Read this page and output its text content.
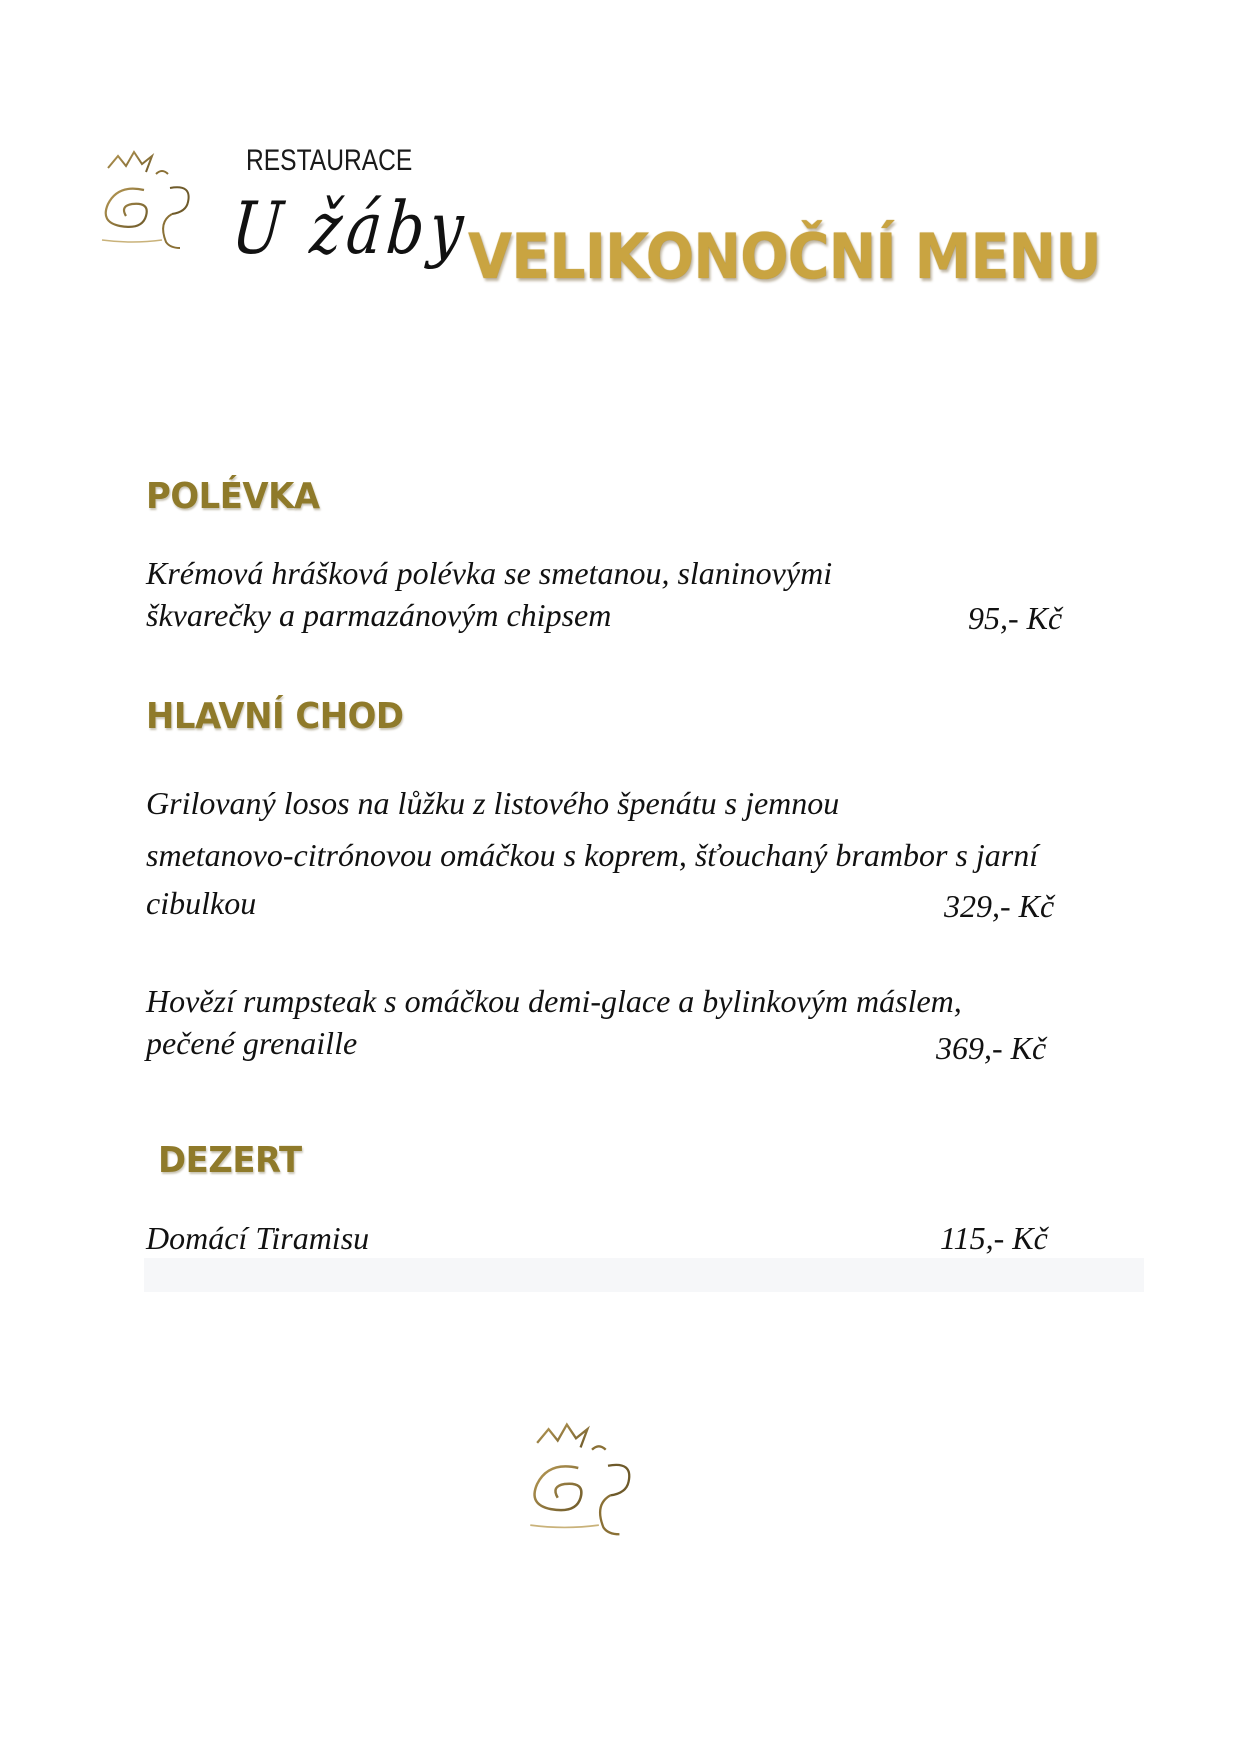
RESTAURACE
U žáby
VELIKONOČNÍ MENU
POLÉVKA
Krémová hrášková polévka se smetanou, slaninovými
škvarečky a parmazánovým chipsem	95,- Kč
HLAVNÍ CHOD
Grilovaný losos na lůžku z listového špenátu s jemnou
smetanovo-citrónovou omáčkou s koprem, šťouchaný brambor s jarní
cibulkou	329,- Kč
Hovězí rumpsteak s omáčkou demi-glace a bylinkovým máslem,
pečené grenaille	369,- Kč
DEZERT
Domácí Tiramisu	115,- Kč
